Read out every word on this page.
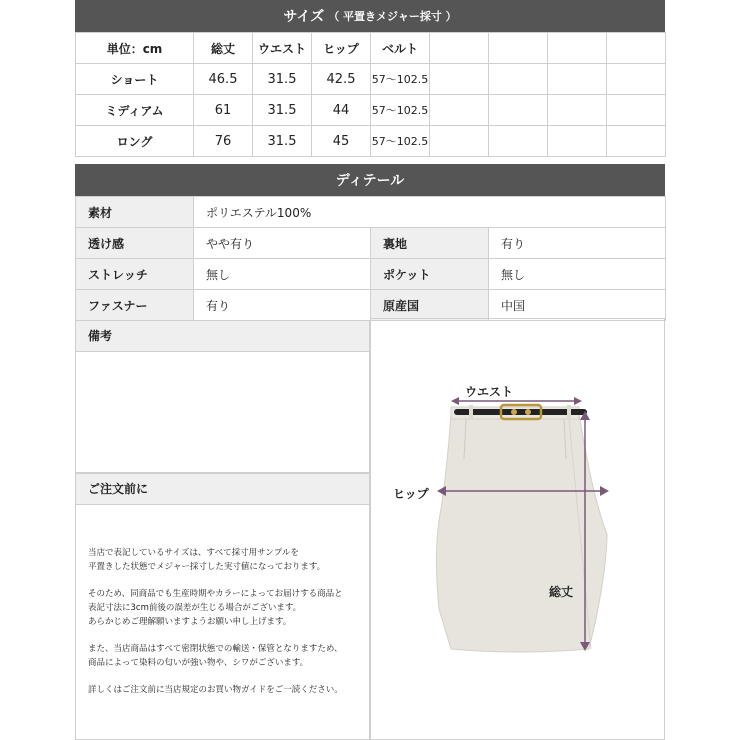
サイズ （ 平置きメジャー採寸 ）
単位：cm	総丈	ウエスト	ヒップ	ベルト				
ショート	46.5	31.5	42.5	57〜102.5				
ミディアム	61	31.5	44	57〜102.5				
ロング	76	31.5	45	57〜102.5				
ディテール
素材	ポリエステル100%		
透け感	やや有り	裏地	有り
ストレッチ	無し	ポケット	無し
ファスナー	有り	原産国	中国
備考
ご注文前に

当店で表記しているサイズは、すべて採寸用サンプルを
平置きした状態でメジャー採寸した実寸値になっております。

そのため、同商品でも生産時期やカラーによってお届けする商品と
表記寸法に3cm前後の誤差が生じる場合がございます。
あらかじめご理解願いますようお願い申し上げます。

また、当店商品はすべて密閉状態での輸送・保管となりますため、
商品によって染料の匂いが強い物や、シワがございます。

詳しくはご注文前に当店規定のお買い物ガイドをご一読ください。

ウエスト
ヒップ
総丈
